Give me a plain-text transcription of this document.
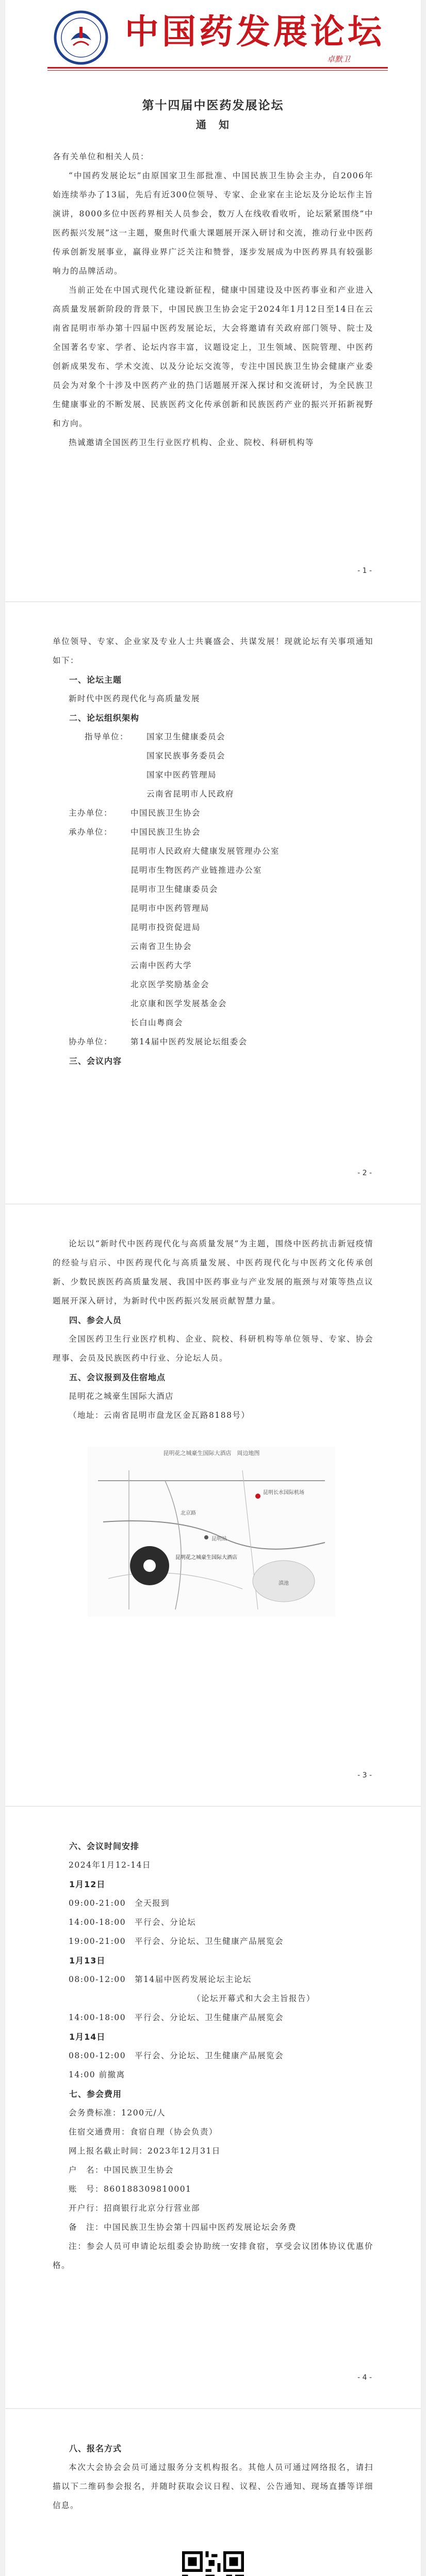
中国药发展论坛
卓默卫
第十四届中医药发展论坛
通　知

各有关单位和相关人员：

“中国药发展论坛”由原国家卫生部批准、中国民族卫生协会主办，自2006年始连续举办了13届，先后有近300位领导、专家、企业家在主论坛及分论坛作主旨演讲，8000多位中医药界相关人员参会，数万人在线收看收听，论坛紧紧围绕“中医药振兴发展”这一主题，聚焦时代重大课题展开深入研讨和交流，推动行业中医药传承创新发展事业，赢得业界广泛关注和赞誉，逐步发展成为中医药界具有较强影响力的品牌活动。

当前正处在中国式现代化建设新征程，健康中国建设及中医药事业和产业进入高质量发展新阶段的背景下，中国民族卫生协会定于2024年1月12日至14日在云南省昆明市举办第十四届中医药发展论坛，大会将邀请有关政府部门领导、院士及全国著名专家、学者、论坛内容丰富，议题设定上，卫生领域、医院管理、中医药创新成果发布、学术交流、以及分论坛交流等，专注中国民族卫生协会健康产业委员会为对象个十涉及中医药产业的热门话题展开深入探讨和交流研讨，为全民族卫生健康事业的不断发展、民族医药文化传承创新和民族医药产业的振兴开拓新视野和方向。

热诚邀请全国医药卫生行业医疗机构、企业、院校、科研机构等

- 1 -

单位领导、专家、企业家及专业人士共襄盛会、共谋发展！现就论坛有关事项通知如下：

一、论坛主题

新时代中医药现代化与高质量发展

二、论坛组织架构

指导单位：	国家卫生健康委员会
国家民族事务委员会
国家中医药管理局
云南省昆明市人民政府
主办单位：	中国民族卫生协会
承办单位：	中国民族卫生协会
昆明市人民政府大健康发展管理办公室
昆明市生物医药产业链推进办公室
昆明市卫生健康委员会
昆明市中医药管理局
昆明市投资促进局
云南省卫生协会
云南中医药大学
北京医学奖励基金会
北京康和医学发展基金会
长白山粤商会
协办单位：	第14届中医药发展论坛组委会

三、会议内容

- 2 -

论坛以“新时代中医药现代化与高质量发展”为主题，围绕中医药抗击新冠疫情的经验与启示、中医药现代化与高质量发展、中医药现代化与中医药文化传承创新、少数民族医药高质量发展、我国中医药事业与产业发展的瓶颈与对策等热点议题展开深入研讨，为新时代中医药振兴发展贡献智慧力量。

四、参会人员

全国医药卫生行业医疗机构、企业、院校、科研机构等单位领导、专家、协会理事、会员及民族医药中行业、分论坛人员。

五、会议报到及住宿地点

昆明花之城豪生国际大酒店

（地址：云南省昆明市盘龙区金瓦路8188号）

昆明花之城豪生国际大酒店　周边地图
昆明花之城豪生国际大酒店
昆明长水国际机场
北京路
昆明站
滇池
- 3 -

六、会议时间安排

2024年1月12-14日

1月12日

09:00-21:00　全天报到

14:00-18:00　平行会、分论坛

19:00-21:00　平行会、分论坛、卫生健康产品展览会

1月13日

08:00-12:00　第14届中医药发展论坛主论坛

（论坛开幕式和大会主旨报告）

14:00-18:00　平行会、分论坛、卫生健康产品展览会

1月14日

08:00-12:00　平行会、分论坛、卫生健康产品展览会

14:00 前撤离

七、参会费用

会务费标准：1200元/人

住宿交通费用：食宿自理（协会负责）

网上报名截止时间：2023年12月31日

户　名：中国民族卫生协会

账　号：860188309810001

开户行：招商银行北京分行营业部

备　注：中国民族卫生协会第十四届中医药发展论坛会务费

注：参会人员可申请论坛组委会协助统一安排食宿，享受会议团体协议优惠价格。

- 4 -

八、报名方式

本次大会协会会员可通过服务分支机构报名。其他人员可通过网络报名，请扫描以下二维码参会报名，并随时获取会议日程、议程、公告通知、现场直播等详细信息。
